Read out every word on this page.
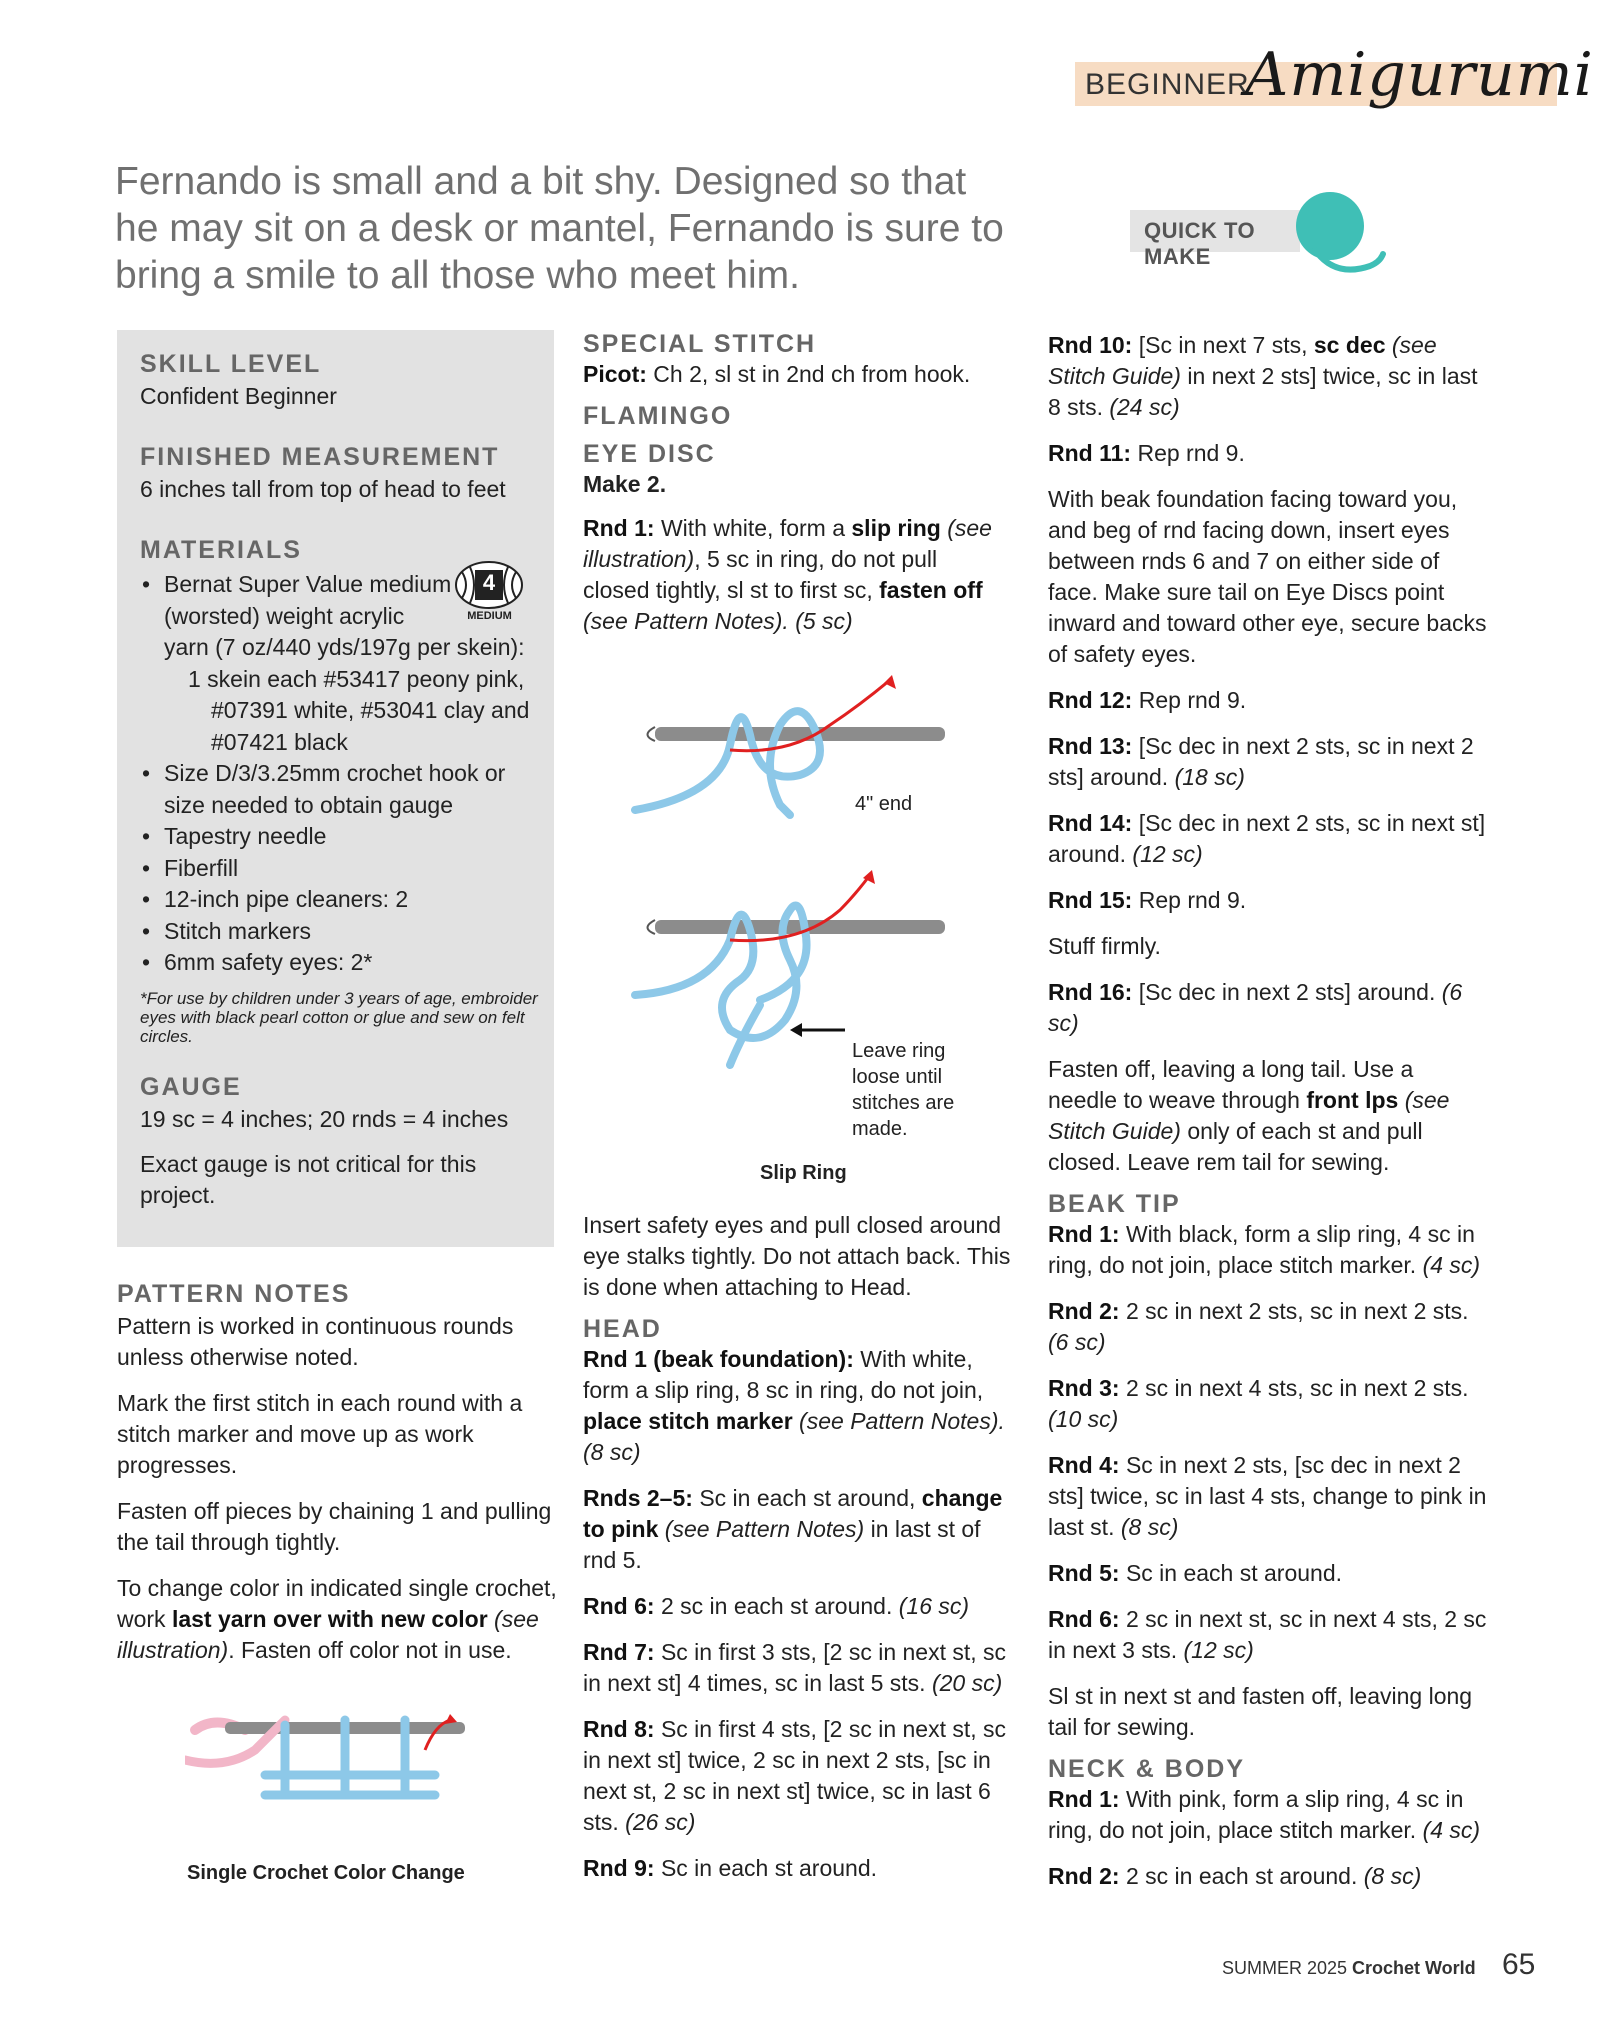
BEGINNER
Amigurumi
Fernando is small and a bit shy. Designed so that he may sit on a desk or mantel, Fernando is sure to bring a smile to all those who meet him.
QUICK TO MAKE
SKILL LEVEL
Confident Beginner
FINISHED MEASUREMENT
6 inches tall from top of head to feet
MATERIALS
• Bernat Super Value medium
(worsted) weight acrylic
yarn (7 oz/440 yds/197g per skein):
1 skein each #53417 peony pink,
#07391 white, #53041 clay and
#07421 black
• Size D/3/3.25mm crochet hook or
size needed to obtain gauge
• Tapestry needle
• Fiberfill
• 12-inch pipe cleaners: 2
• Stitch markers
• 6mm safety eyes: 2*
*For use by children under 3 years of age, embroider eyes with black pearl cotton or glue and sew on felt circles.
4
MEDIUM
GAUGE
19 sc = 4 inches; 20 rnds = 4 inches
Exact gauge is not critical for this project.
PATTERN NOTES

Pattern is worked in continuous rounds unless otherwise noted.

Mark the first stitch in each round with a stitch marker and move up as work progresses.

Fasten off pieces by chaining 1 and pulling the tail through tightly.

To change color in indicated single crochet, work last yarn over with new color (see illustration). Fasten off color not in use.

Single Crochet Color Change
SPECIAL STITCH

Picot: Ch 2, sl st in 2nd ch from hook.

FLAMINGO
EYE DISC

Make 2.

Rnd 1: With white, form a slip ring (see illustration), 5 sc in ring, do not pull closed tightly, sl st to first sc, fasten off (see Pattern Notes). (5 sc)

4" end
Leave ring
loose until
stitches are
made.
Slip Ring

Insert safety eyes and pull closed around eye stalks tightly. Do not attach back. This is done when attaching to Head.

HEAD

Rnd 1 (beak foundation): With white, form a slip ring, 8 sc in ring, do not join, place stitch marker (see Pattern Notes). (8 sc)

Rnds 2–5: Sc in each st around, change to pink (see Pattern Notes) in last st of rnd 5.

Rnd 6: 2 sc in each st around. (16 sc)

Rnd 7: Sc in first 3 sts, [2 sc in next st, sc in next st] 4 times, sc in last 5 sts. (20 sc)

Rnd 8: Sc in first 4 sts, [2 sc in next st, sc in next st] twice, 2 sc in next 2 sts, [sc in next st, 2 sc in next st] twice, sc in last 6 sts. (26 sc)

Rnd 9: Sc in each st around.

Rnd 10: [Sc in next 7 sts, sc dec (see Stitch Guide) in next 2 sts] twice, sc in last 8 sts. (24 sc)

Rnd 11: Rep rnd 9.

With beak foundation facing toward you, and beg of rnd facing down, insert eyes between rnds 6 and 7 on either side of face. Make sure tail on Eye Discs point inward and toward other eye, secure backs of safety eyes.

Rnd 12: Rep rnd 9.

Rnd 13: [Sc dec in next 2 sts, sc in next 2 sts] around. (18 sc)

Rnd 14: [Sc dec in next 2 sts, sc in next st] around. (12 sc)

Rnd 15: Rep rnd 9.

Stuff firmly.

Rnd 16: [Sc dec in next 2 sts] around. (6 sc)

Fasten off, leaving a long tail. Use a needle to weave through front lps (see Stitch Guide) only of each st and pull closed. Leave rem tail for sewing.

BEAK TIP

Rnd 1: With black, form a slip ring, 4 sc in ring, do not join, place stitch marker. (4 sc)

Rnd 2: 2 sc in next 2 sts, sc in next 2 sts. (6 sc)

Rnd 3: 2 sc in next 4 sts, sc in next 2 sts. (10 sc)

Rnd 4: Sc in next 2 sts, [sc dec in next 2 sts] twice, sc in last 4 sts, change to pink in last st. (8 sc)

Rnd 5: Sc in each st around.

Rnd 6: 2 sc in next st, sc in next 4 sts, 2 sc in next 3 sts. (12 sc)

Sl st in next st and fasten off, leaving long tail for sewing.

NECK & BODY

Rnd 1: With pink, form a slip ring, 4 sc in ring, do not join, place stitch marker. (4 sc)

Rnd 2: 2 sc in each st around. (8 sc)

SUMMER 2025 Crochet World 65
